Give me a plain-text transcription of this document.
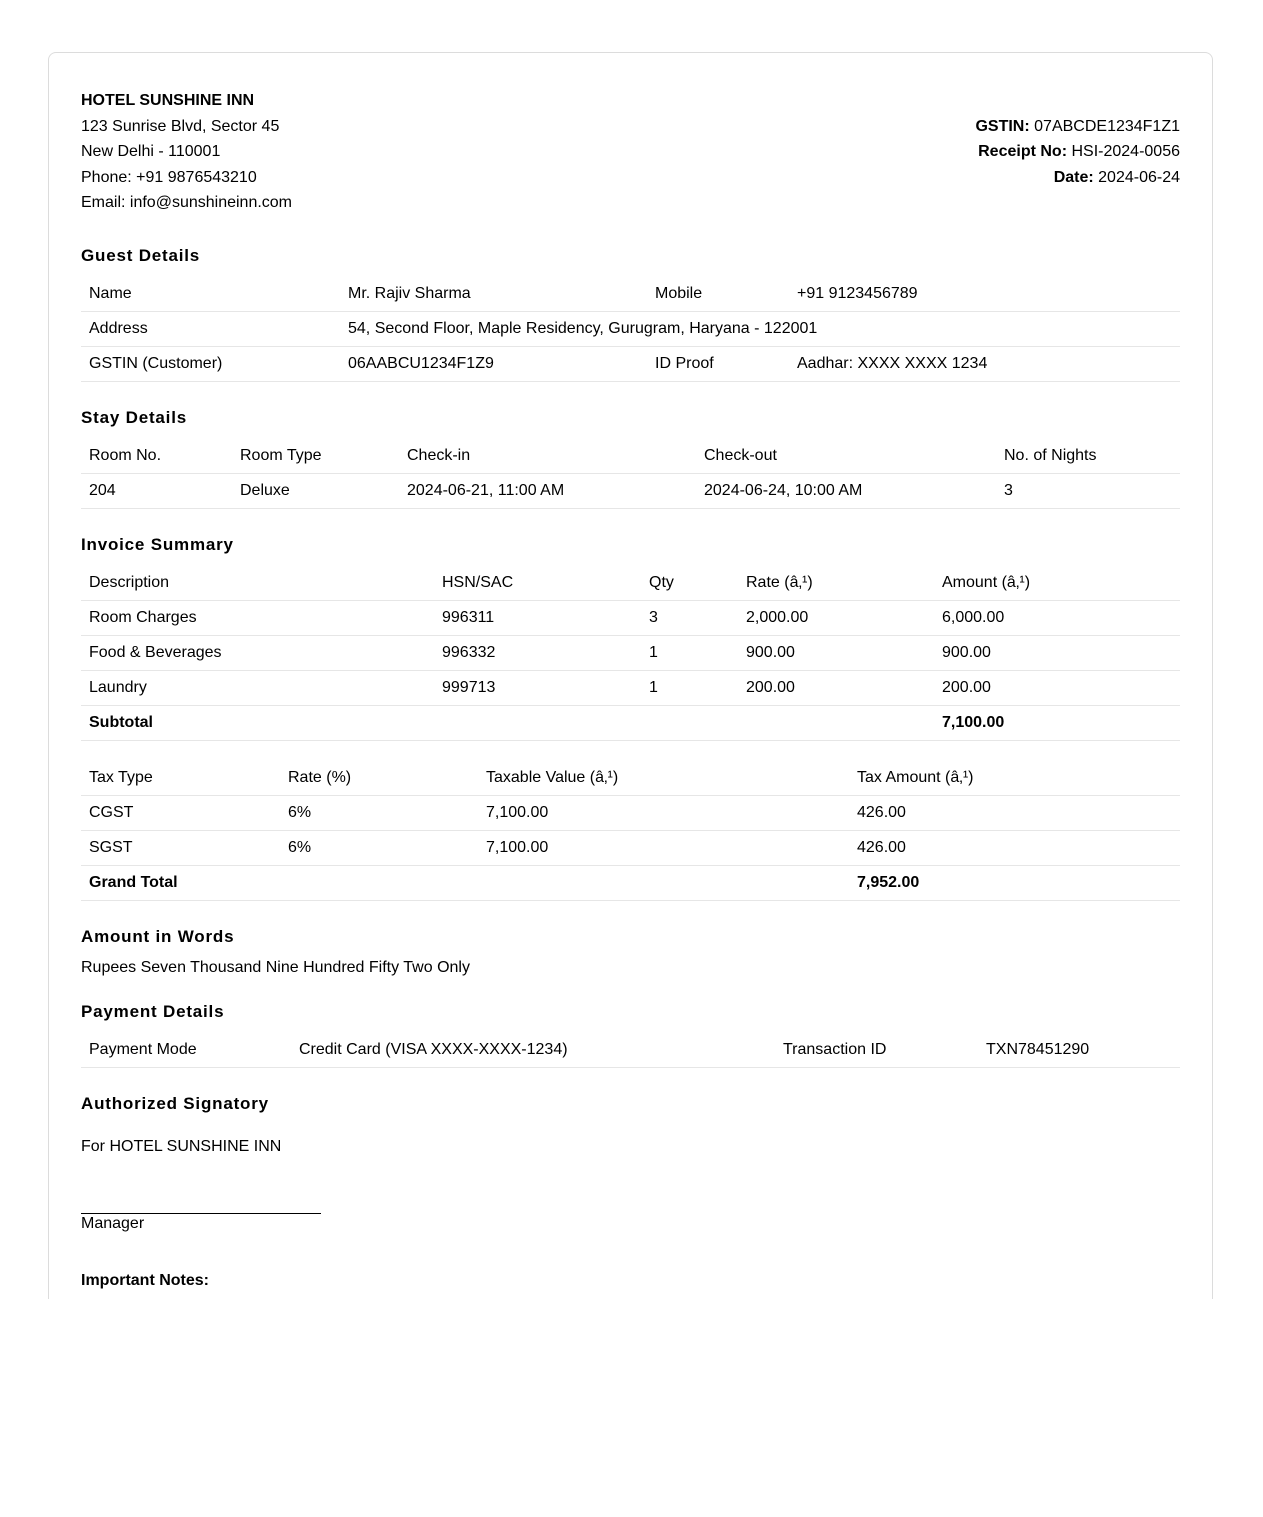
HOTEL SUNSHINE INN
123 Sunrise Blvd, Sector 45
New Delhi - 110001
Phone: +91 9876543210
Email: info@sunshineinn.com
GSTIN: 07ABCDE1234F1Z1
Receipt No: HSI-2024-0056
Date: 2024-06-24
Guest Details
Name	Mr. Rajiv Sharma	Mobile	+91 9123456789
Address	54, Second Floor, Maple Residency, Gurugram, Haryana - 122001		
GSTIN (Customer)	06AABCU1234F1Z9	ID Proof	Aadhar: XXXX XXXX 1234
Stay Details
Room No.	Room Type	Check-in	Check-out	No. of Nights
204	Deluxe	2024-06-21, 11:00 AM	2024-06-24, 10:00 AM	3
Invoice Summary
Description	HSN/SAC	Qty	Rate (â‚¹)	Amount (â‚¹)
Room Charges	996311	3	2,000.00	6,000.00
Food & Beverages	996332	1	900.00	900.00
Laundry	999713	1	200.00	200.00
Subtotal				7,100.00
Tax Type	Rate (%)	Taxable Value (â‚¹)	Tax Amount (â‚¹)
CGST	6%	7,100.00	426.00
SGST	6%	7,100.00	426.00
Grand Total			7,952.00
Amount in Words
Rupees Seven Thousand Nine Hundred Fifty Two Only
Payment Details
Payment Mode	Credit Card (VISA XXXX-XXXX-1234)	Transaction ID	TXN78451290
Authorized Signatory
For HOTEL SUNSHINE INN
Manager
Important Notes:
